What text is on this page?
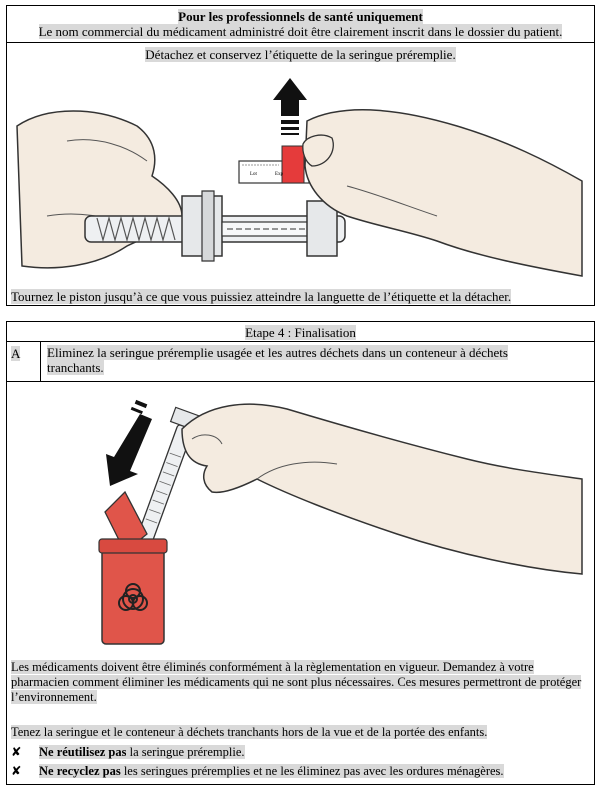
Pour les professionnels de santé uniquement
Le nom commercial du médicament administré doit être clairement inscrit dans le dossier du patient.
Détachez et conservez l’étiquette de la seringue préremplie.
Lot	Exp
Tournez le piston jusqu’à ce que vous puissiez atteindre la languette de l’étiquette et la détacher.
Etape 4 : Finalisation
A	Eliminez la seringue préremplie usagée et les autres déchets dans un conteneur à déchets tranchants.
Les médicaments doivent être éliminés conformément à la règlementation en vigueur. Demandez à votre pharmacien comment éliminer les médicaments qui ne sont plus nécessaires. Ces mesures permettront de protéger l’environnement.
Tenez la seringue et le conteneur à déchets tranchants hors de la vue et de la portée des enfants.
✘ Ne réutilisez pas la seringue préremplie.
✘ Ne recyclez pas les seringues préremplies et ne les éliminez pas avec les ordures ménagères.
